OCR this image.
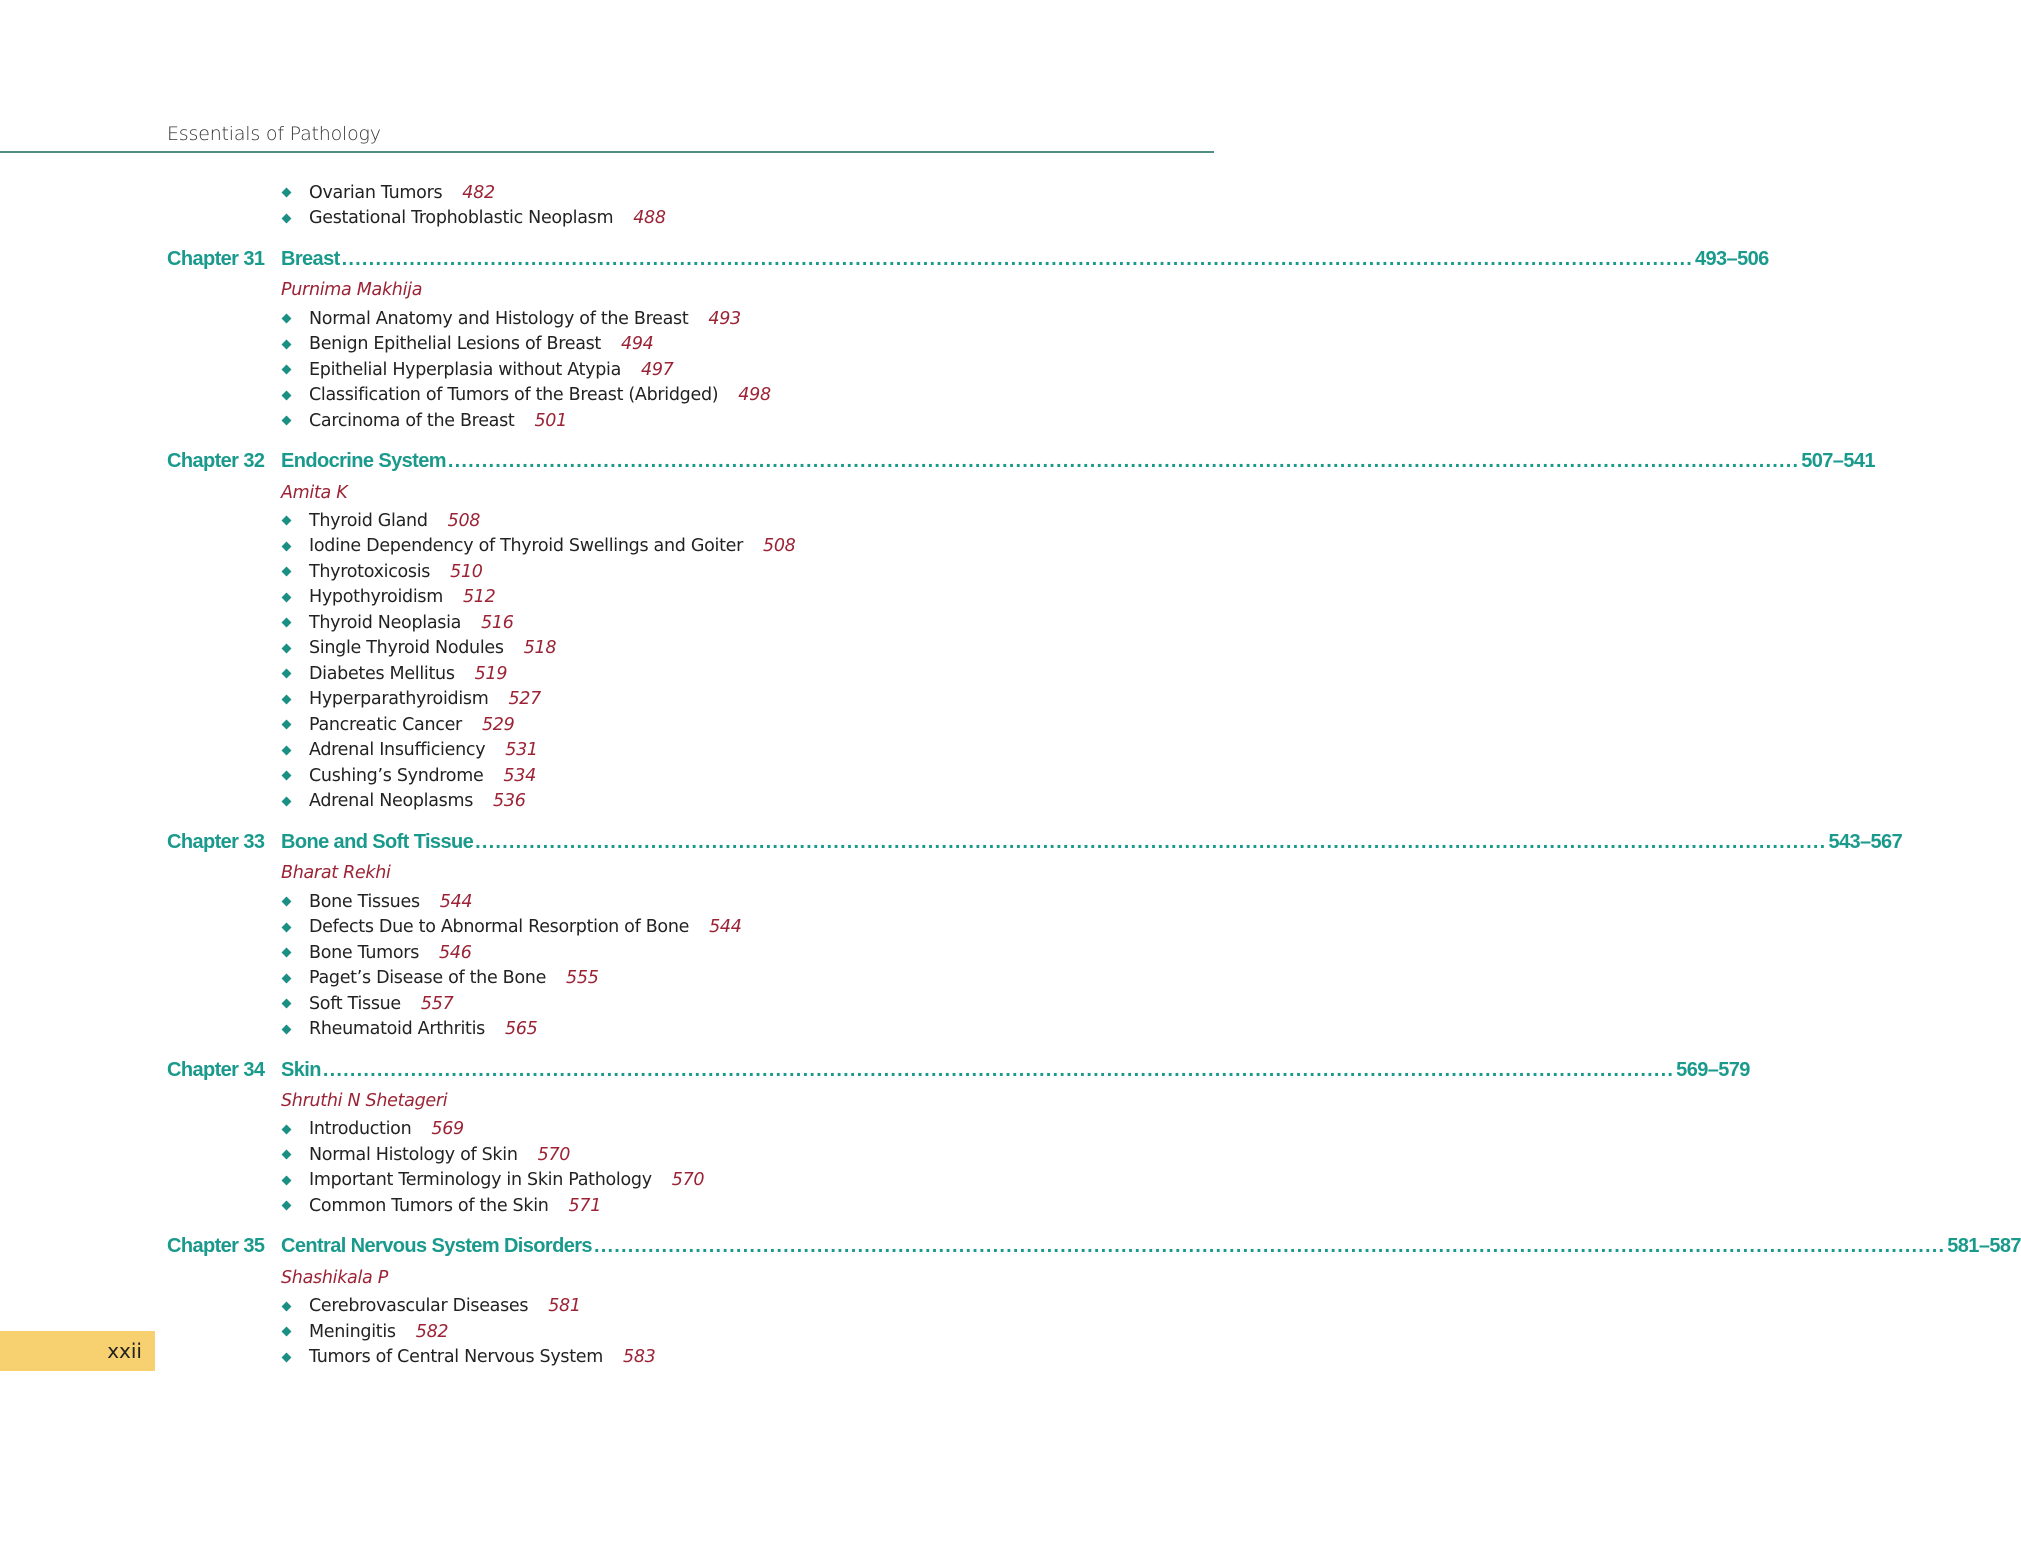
Essentials of Pathology
xxii
Ovarian Tumors 482
Gestational Trophoblastic Neoplasm 488
Chapter 31 Breast ........................................................................................................................................................................................................ 493–506
Purnima Makhija
Normal Anatomy and Histology of the Breast 493
Benign Epithelial Lesions of Breast 494
Epithelial Hyperplasia without Atypia 497
Classification of Tumors of the Breast (Abridged) 498
Carcinoma of the Breast 501
Chapter 32 Endocrine System ........................................................................................................................................................................................................ 507–541
Amita K
Thyroid Gland 508
Iodine Dependency of Thyroid Swellings and Goiter 508
Thyrotoxicosis 510
Hypothyroidism 512
Thyroid Neoplasia 516
Single Thyroid Nodules 518
Diabetes Mellitus 519
Hyperparathyroidism 527
Pancreatic Cancer 529
Adrenal Insufficiency 531
Cushing’s Syndrome 534
Adrenal Neoplasms 536
Chapter 33 Bone and Soft Tissue ........................................................................................................................................................................................................ 543–567
Bharat Rekhi
Bone Tissues 544
Defects Due to Abnormal Resorption of Bone 544
Bone Tumors 546
Paget’s Disease of the Bone 555
Soft Tissue 557
Rheumatoid Arthritis 565
Chapter 34 Skin ........................................................................................................................................................................................................ 569–579
Shruthi N Shetageri
Introduction 569
Normal Histology of Skin 570
Important Terminology in Skin Pathology 570
Common Tumors of the Skin 571
Chapter 35 Central Nervous System Disorders ........................................................................................................................................................................................................ 581–587
Shashikala P
Cerebrovascular Diseases 581
Meningitis 582
Tumors of Central Nervous System 583
